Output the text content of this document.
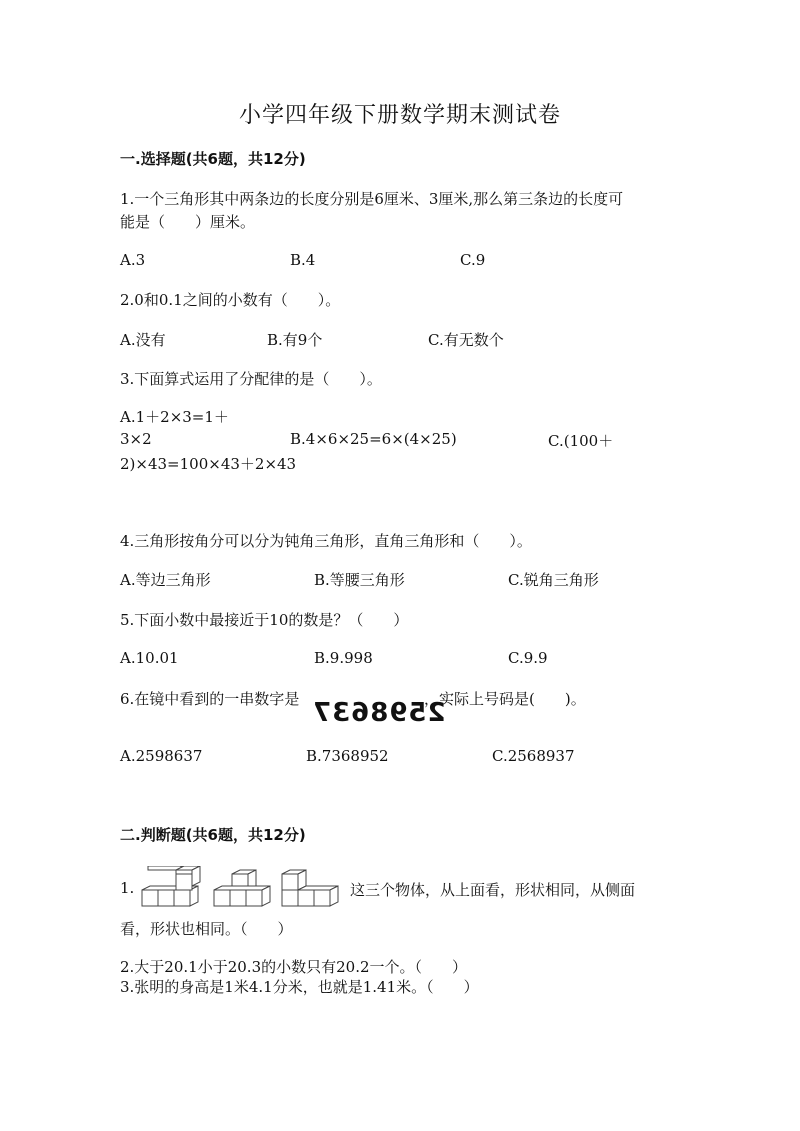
小学四年级下册数学期末测试卷
一.选择题(共6题，共12分)
1.一个三角形其中两条边的长度分别是6厘米、3厘米,那么第三条边的长度可
能是（　　）厘米。
A.3	B.4	C.9
2.0和0.1之间的小数有（　　）。
A.没有	B.有9个	C.有无数个
3.下面算式运用了分配律的是（　　）。
A.1＋2×3=1＋
3×2	B.4×6×25=6×(4×25)	C.(100＋
2)×43=100×43＋2×43
4.三角形按角分可以分为钝角三角形，直角三角形和（　　）。
A.等边三角形	B.等腰三角形	C.锐角三角形
5.下面小数中最接近于10的数是？（　　）
A.10.01	B.9.998	C.9.9
6.在镜中看到的一串数字是 2598637
，实际上号码是(　　)。
A.2598637	B.7368952	C.2568937
二.判断题(共6题，共12分)
1.	这三个物体，从上面看，形状相同，从侧面
看，形状也相同。（　　）
2.大于20.1小于20.3的小数只有20.2一个。（　　）
3.张明的身高是1米4.1分米，也就是1.41米。（　　）
